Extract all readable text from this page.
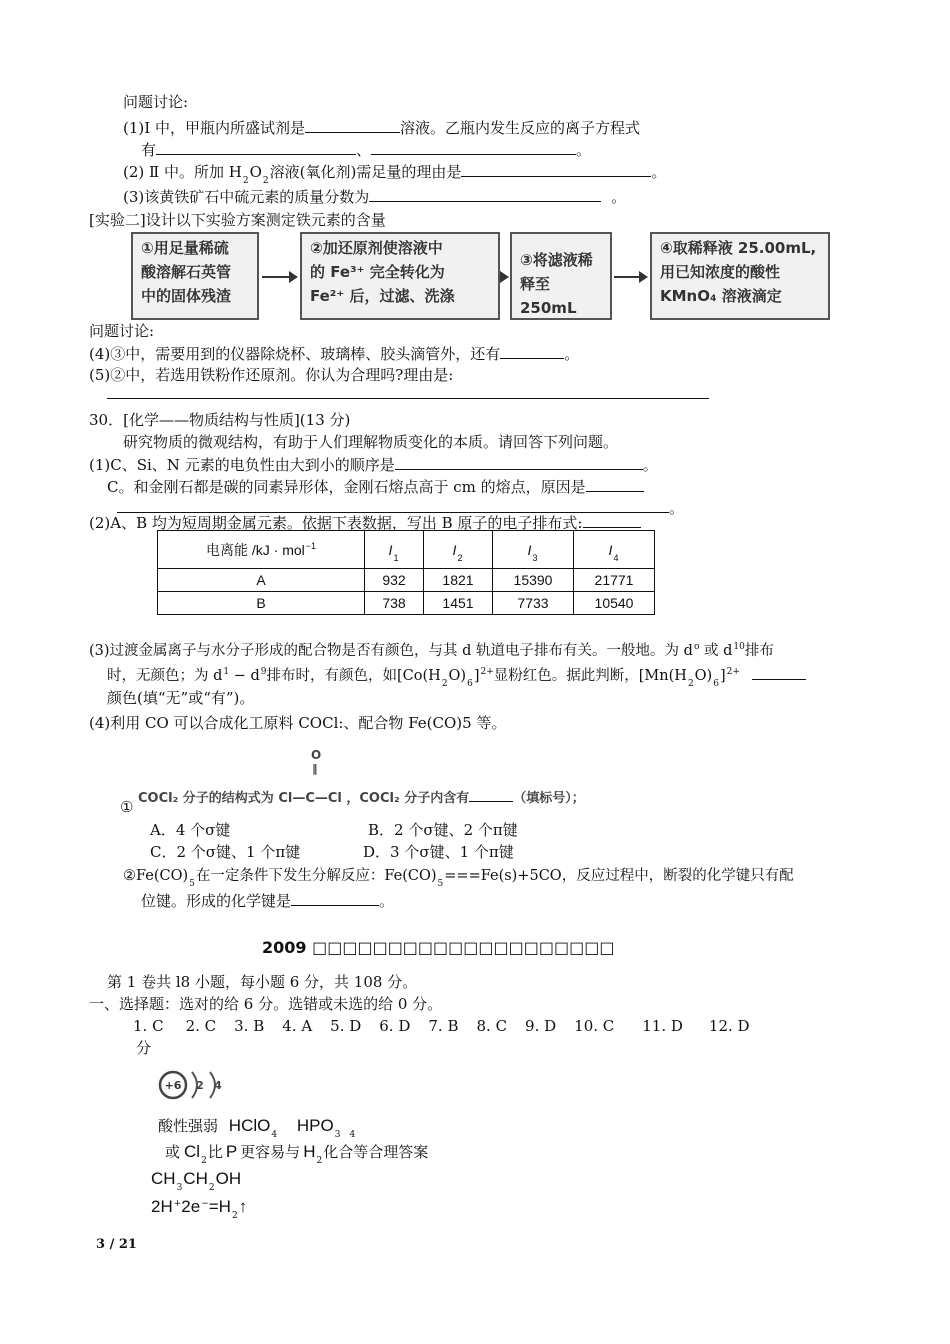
问题讨论:
(1)I 中，甲瓶内所盛试剂是	溶液。乙瓶内发生反应的离子方程式
有	、	。
(2) Ⅱ 中。所加 $H_2O_2$溶液(氧化剂)需足量的理由是	。
(3)该黄铁矿石中硫元素的质量分数为	。
[实验二]设计以下实验方案测定铁元素的含量
①用足量稀硫
酸溶解石英管
中的固体残渣
②加还原剂使溶液中
的 Fe³⁺ 完全转化为
Fe²⁺ 后，过滤、洗涤
③将滤液稀
释至 250mL
④取稀释液 25.00mL,
用已知浓度的酸性
KMnO₄ 溶液滴定
问题讨论:
(4)③中，需要用到的仪器除烧杯、玻璃棒、胶头滴管外，还有	。
(5)②中，若选用铁粉作还原剂。你认为合理吗?理由是:
30．[化学——物质结构与性质](13 分)
研究物质的微观结构，有助于人们理解物质变化的本质。请回答下列问题。
(1)C、Si、N 元素的电负性由大到小的顺序是	。
C。和金刚石都是碳的同素异形体，金刚石熔点高于 cm 的熔点，原因是
。
(2)A、B 均为短周期金属元素。依据下表数据，写出 B 原子的电子排布式:
电离能 /kJ · mol$^{-1}$	$I_1$	$I_2$	$I_3$	$I_4$
A	932	1821	15390	21771
B	738	1451	7733	10540
(3)过渡金属离子与水分子形成的配合物是否有颜色，与其 d 轨道电子排布有关。一般地。为 $d^o$ 或 $d^{10}$排布
时，无颜色；为 $d^1 - d^9$排布时，有颜色，如$[Co(H_2O)_6]^{2+}$显粉红色。据此判断，$[Mn(H_2O)_6]^{2+}$
颜色(填“无”或“有”)。
(4)利用 CO 可以合成化工原料 COCl:、配合物 Fe(CO)5 等。
O
‖
① COCl₂ 分子的结构式为 Cl—C—Cl ，COCl₂ 分子内含有	（填标号）；
A．4 个σ键	B．2 个σ键、2 个π键
C．2 个σ键、1 个π键	D．3 个σ键、1 个π键
$②Fe(CO)_5$在一定条件下发生分解反应：$Fe(CO)_5===Fe(s)+5CO$，反应过程中，断裂的化学键只有配
位键。形成的化学键是	。
2009 □□□□□□□□□□□□□□□□□□□□
第 1 卷共 l8 小题，每小题 6 分，共 108 分。
一、选择题：选对的给 6 分。选错或未选的给 0 分。
1. C 2. C 3. B 4. A 5. D 6. D 7. B 8. C 9. D 10. C 11. D 12. D
分
+6 2 4
酸性强弱 HClO$_4$ $HPO_3$ $_4$
或 $Cl_2$比 P 更容易与 $H_2$化合等合理答案
$CH_3CH_2OH$
$2H^+2e^-=H_2↑$
3 / 21
